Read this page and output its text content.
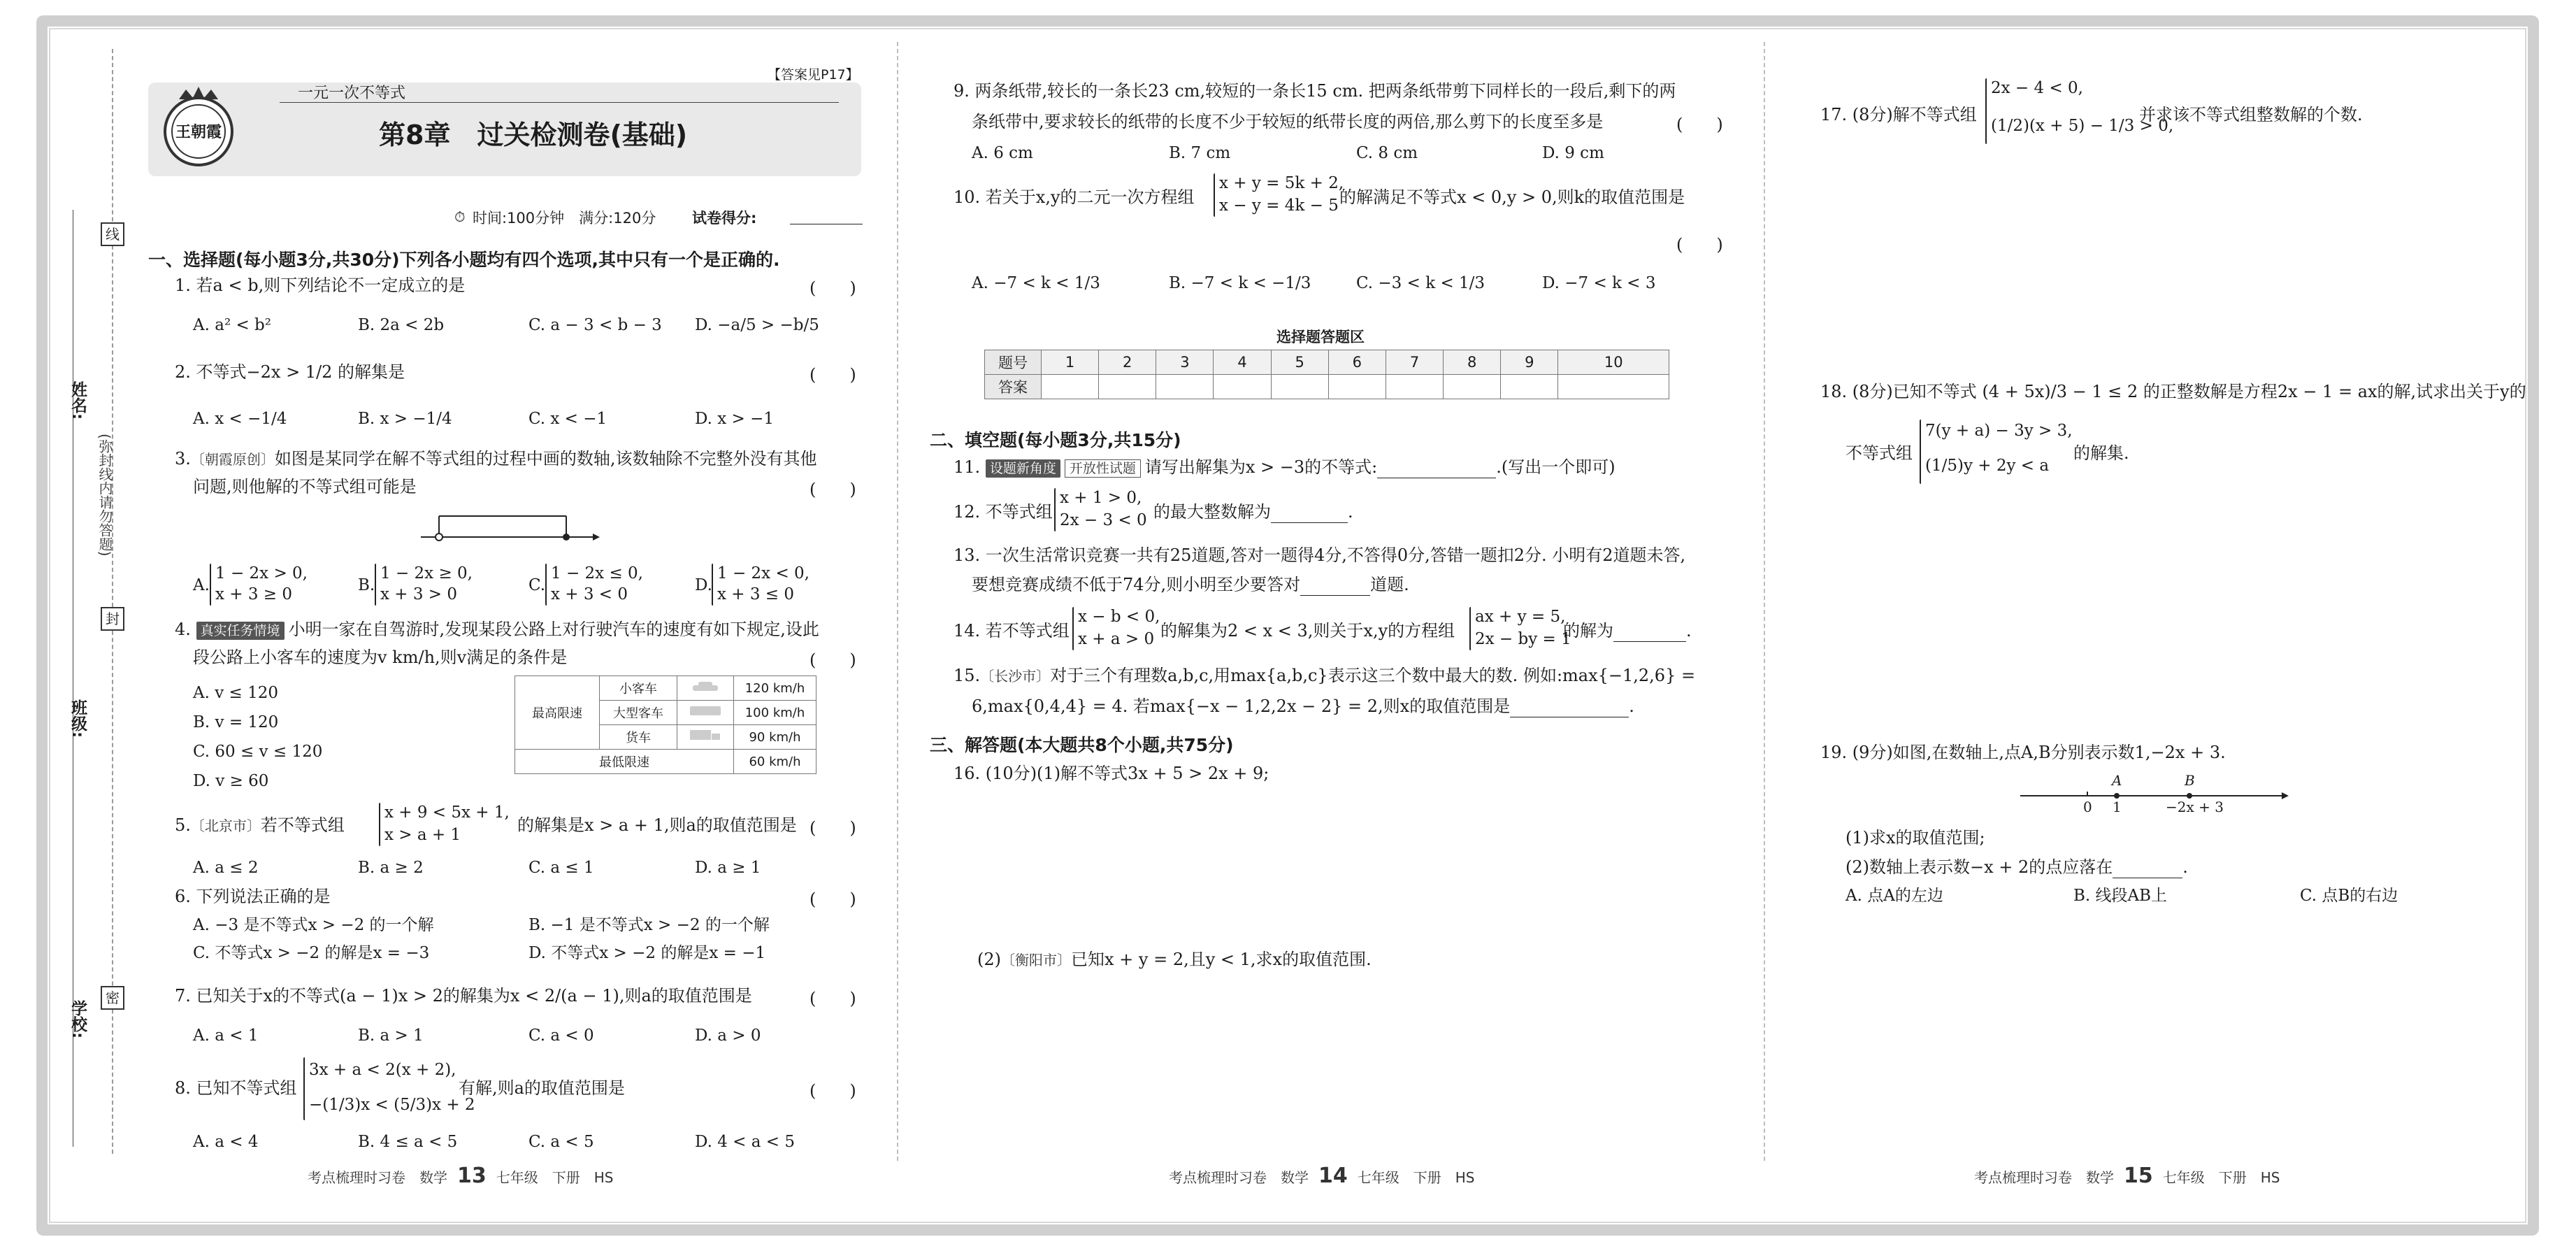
姓名:
班级:
学校:
(弥封线内请勿答题)
线
封
密
王朝霞
【答案见P17】
一元一次不等式
第8章　过关检测卷(基础)
⏱ 时间:100分钟　满分:120分 试卷得分:
一、选择题(每小题3分,共30分)下列各小题均有四个选项,其中只有一个是正确的.
1. 若a < b,则下列结论不一定成立的是	(　　)
A. a² < b²	B. 2a < 2b	C. a − 3 < b − 3 D. −a/5 > −b/5
2. 不等式−2x > 1/2 的解集是	(　　)
A. x < −1/4	B. x > −1/4	C. x < −1	D. x > −1
3.〔朝霞原创〕如图是某同学在解不等式组的过程中画的数轴,该数轴除不完整外没有其他
问题,则他解的不等式组可能是	(　　)
A.
1 − 2x > 0,
x + 3 ≥ 0	B.
1 − 2x ≥ 0,
x + 3 > 0	C.
1 − 2x ≤ 0,
x + 3 < 0	D.
1 − 2x < 0,
x + 3 ≤ 0
4. 真实任务情境 小明一家在自驾游时,发现某段公路上对行驶汽车的速度有如下规定,设此
段公路上小客车的速度为v km/h,则v满足的条件是	(　　)
A. v ≤ 120
B. v = 120
C. 60 ≤ v ≤ 120
D. v ≥ 60
最高限速	小客车		120 km/h
	大型客车		100 km/h
	货车		90 km/h
最低限速			60 km/h
5.〔北京市〕若不等式组
x + 9 < 5x + 1,
x > a + 1	的解集是x > a + 1,则a的取值范围是 (　　)
A. a ≤ 2	B. a ≥ 2	C. a ≤ 1	D. a ≥ 1
6. 下列说法正确的是	(　　)
A. −3 是不等式x > −2 的一个解	B. −1 是不等式x > −2 的一个解
C. 不等式x > −2 的解是x = −3	D. 不等式x > −2 的解是x = −1
7. 已知关于x的不等式(a − 1)x > 2的解集为x < 2/(a − 1),则a的取值范围是	(　　)
A. a < 1	B. a > 1	C. a < 0	D. a > 0
8. 已知不等式组
3x + a < 2(x + 2),
−(1/3)x < (5/3)x + 2
有解,则a的取值范围是	(　　)
A. a < 4	B. 4 ≤ a < 5	C. a < 5	D. 4 < a < 5
考点梳理时习卷　数学 13 七年级　下册　HS
9. 两条纸带,较长的一条长23 cm,较短的一条长15 cm. 把两条纸带剪下同样长的一段后,剩下的两
条纸带中,要求较长的纸带的长度不少于较短的纸带长度的两倍,那么剪下的长度至多是	(　　)
A. 6 cm	B. 7 cm	C. 8 cm	D. 9 cm
10. 若关于x,y的二元一次方程组
x + y = 5k + 2,
x − y = 4k − 5 的解满足不等式x < 0,y > 0,则k的取值范围是
(　　)
A. −7 < k < 1/3	B. −7 < k < −1/3	C. −3 < k < 1/3	D. −7 < k < 3
选择题答题区
题号	1	2	3	4	5	6	7	8	9	10
答案										
二、填空题(每小题3分,共15分)
11. 设题新角度 开放性试题 请写出解集为x > −3的不等式:	.(写出一个即可)
12. 不等式组
x + 1 > 0,
2x − 3 < 0 的最大整数解为	.
13. 一次生活常识竞赛一共有25道题,答对一题得4分,不答得0分,答错一题扣2分. 小明有2道题未答,
要想竞赛成绩不低于74分,则小明至少要答对	道题.
14. 若不等式组
x − b < 0,
x + a > 0 的解集为2 < x < 3,则关于x,y的方程组
ax + y = 5,
2x − by = 1
的解为	.
15.〔长沙市〕对于三个有理数a,b,c,用max{a,b,c}表示这三个数中最大的数. 例如:max{−1,2,6} =
6,max{0,4,4} = 4. 若max{−x − 1,2,2x − 2} = 2,则x的取值范围是	.
三、解答题(本大题共8个小题,共75分)
16. (10分)(1)解不等式3x + 5 > 2x + 9;
(2)〔衡阳市〕已知x + y = 2,且y < 1,求x的取值范围.
考点梳理时习卷　数学 14 七年级　下册　HS
17. (8分)解不等式组
2x − 4 < 0,
(1/2)(x + 5) − 1/3 > 0,
并求该不等式组整数解的个数.
18. (8分)已知不等式 (4 + 5x)/3 − 1 ≤ 2 的正整数解是方程2x − 1 = ax的解,试求出关于y的
不等式组
7(y + a) − 3y > 3,
(1/5)y + 2y < a
的解集.
19. (9分)如图,在数轴上,点A,B分别表示数1,−2x + 3.
A	B
0 1	−2x + 3
(1)求x的取值范围;
(2)数轴上表示数−x + 2的点应落在	.
A. 点A的左边	B. 线段AB上	C. 点B的右边
考点梳理时习卷　数学 15 七年级　下册　HS
